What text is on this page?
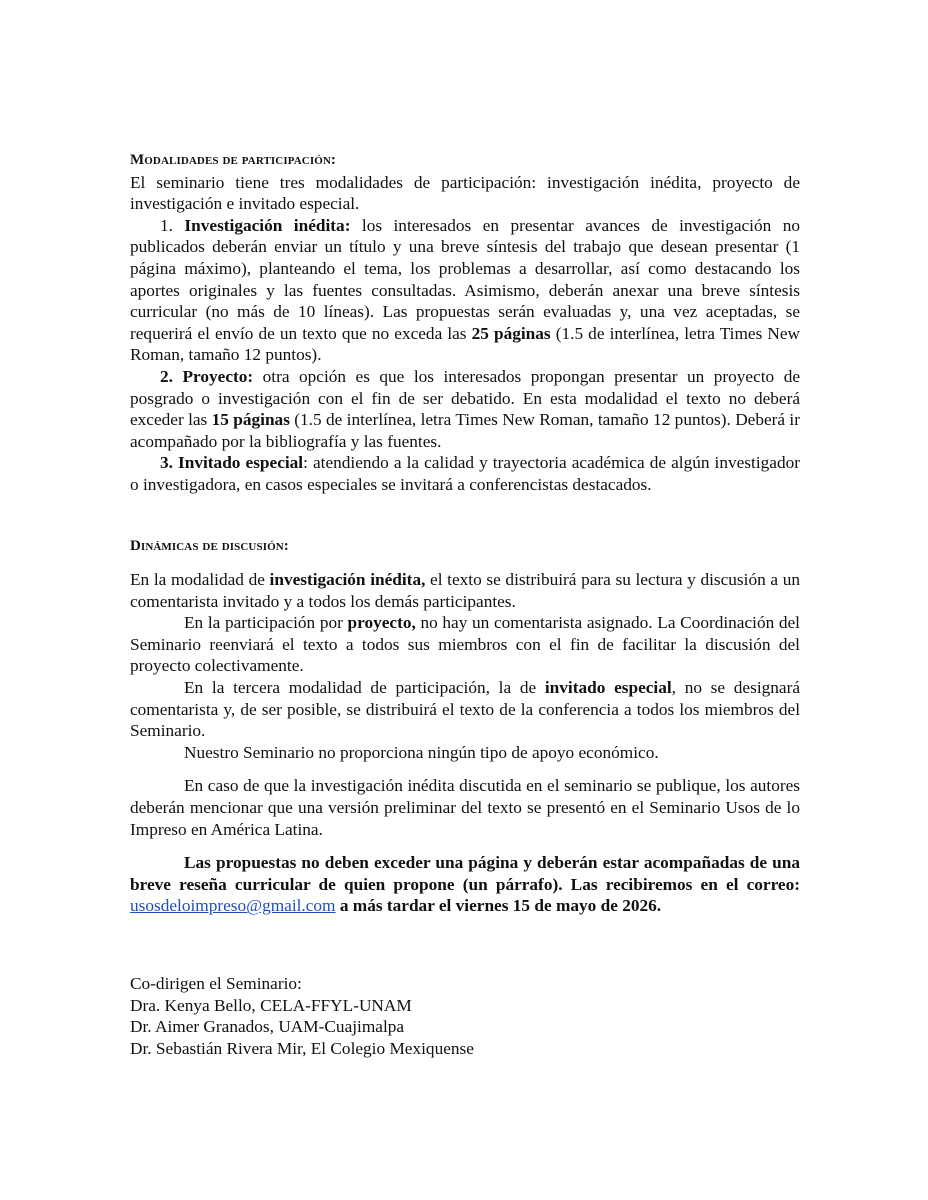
Modalidades de participación:

El seminario tiene tres modalidades de participación: investigación inédita, proyecto de investigación e invitado especial.

1. Investigación inédita: los interesados en presentar avances de investigación no publicados deberán enviar un título y una breve síntesis del trabajo que desean presentar (1 página máximo), planteando el tema, los problemas a desarrollar, así como destacando los aportes originales y las fuentes consultadas. Asimismo, deberán anexar una breve síntesis curricular (no más de 10 líneas). Las propuestas serán evaluadas y, una vez aceptadas, se requerirá el envío de un texto que no exceda las 25 páginas (1.5 de interlínea, letra Times New Roman, tamaño 12 puntos).

2. Proyecto: otra opción es que los interesados propongan presentar un proyecto de posgrado o investigación con el fin de ser debatido. En esta modalidad el texto no deberá exceder las 15 páginas (1.5 de interlínea, letra Times New Roman, tamaño 12 puntos). Deberá ir acompañado por la bibliografía y las fuentes.

3. Invitado especial: atendiendo a la calidad y trayectoria académica de algún investigador o investigadora, en casos especiales se invitará a conferencistas destacados.

Dinámicas de discusión:

En la modalidad de investigación inédita, el texto se distribuirá para su lectura y discusión a un comentarista invitado y a todos los demás participantes.

En la participación por proyecto, no hay un comentarista asignado. La Coordinación del Seminario reenviará el texto a todos sus miembros con el fin de facilitar la discusión del proyecto colectivamente.

En la tercera modalidad de participación, la de invitado especial, no se designará comentarista y, de ser posible, se distribuirá el texto de la conferencia a todos los miembros del Seminario.

Nuestro Seminario no proporciona ningún tipo de apoyo económico.

En caso de que la investigación inédita discutida en el seminario se publique, los autores deberán mencionar que una versión preliminar del texto se presentó en el Seminario Usos de lo Impreso en América Latina.

Las propuestas no deben exceder una página y deberán estar acompañadas de una breve reseña curricular de quien propone (un párrafo). Las recibiremos en el correo: usosdeloimpreso@gmail.com a más tardar el viernes 15 de mayo de 2026.

Co-dirigen el Seminario:

Dra. Kenya Bello, CELA-FFYL-UNAM

Dr. Aimer Granados, UAM-Cuajimalpa

Dr. Sebastián Rivera Mir, El Colegio Mexiquense
